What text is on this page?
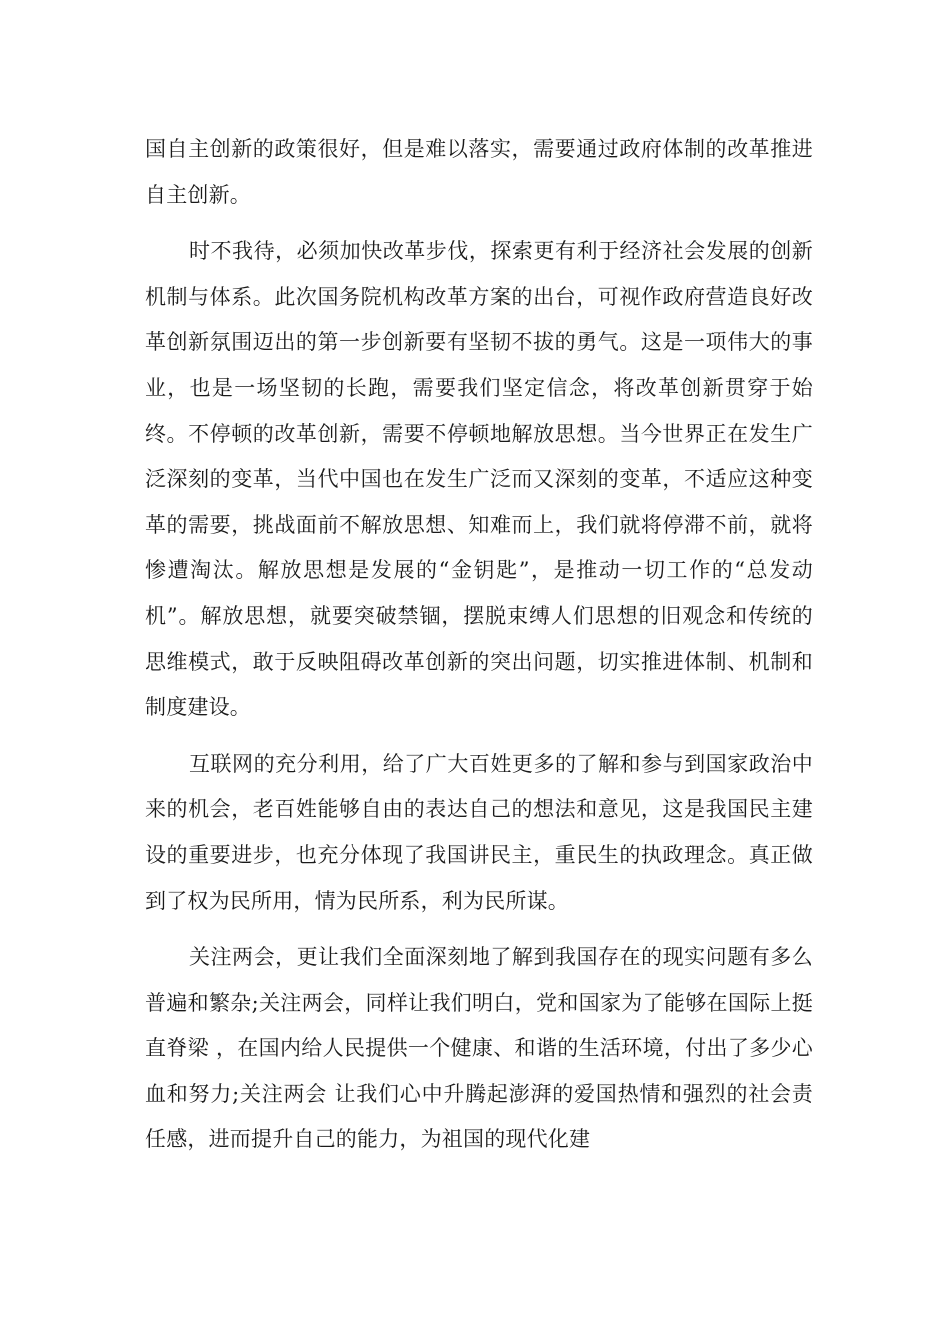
国自主创新的政策很好，但是难以落实，需要通过政府体制的改革推进自主创新。

时不我待，必须加快改革步伐，探索更有利于经济社会发展的创新机制与体系。此次国务院机构改革方案的出台，可视作政府营造良好改革创新氛围迈出的第一步创新要有坚韧不拔的勇气。这是一项伟大的事业，也是一场坚韧的长跑，需要我们坚定信念，将改革创新贯穿于始终。不停顿的改革创新，需要不停顿地解放思想。当今世界正在发生广泛深刻的变革，当代中国也在发生广泛而又深刻的变革，不适应这种变革的需要，挑战面前不解放思想、知难而上，我们就将停滞不前，就将惨遭淘汰。解放思想是发展的“金钥匙”，是推动一切工作的“总发动机”。解放思想，就要突破禁锢，摆脱束缚人们思想的旧观念和传统的思维模式，敢于反映阻碍改革创新的突出问题，切实推进体制、机制和制度建设。

互联网的充分利用，给了广大百姓更多的了解和参与到国家政治中来的机会，老百姓能够自由的表达自己的想法和意见，这是我国民主建设的重要进步，也充分体现了我国讲民主，重民生的执政理念。真正做到了权为民所用，情为民所系，利为民所谋。

关注两会，更让我们全面深刻地了解到我国存在的现实问题有多么普遍和繁杂;关注两会，同样让我们明白，党和国家为了能够在国际上挺直脊梁 ，在国内给人民提供一个健康、和谐的生活环境，付出了多少心血和努力;关注两会 让我们心中升腾起澎湃的爱国热情和强烈的社会责任感，进而提升自己的能力，为祖国的现代化建
